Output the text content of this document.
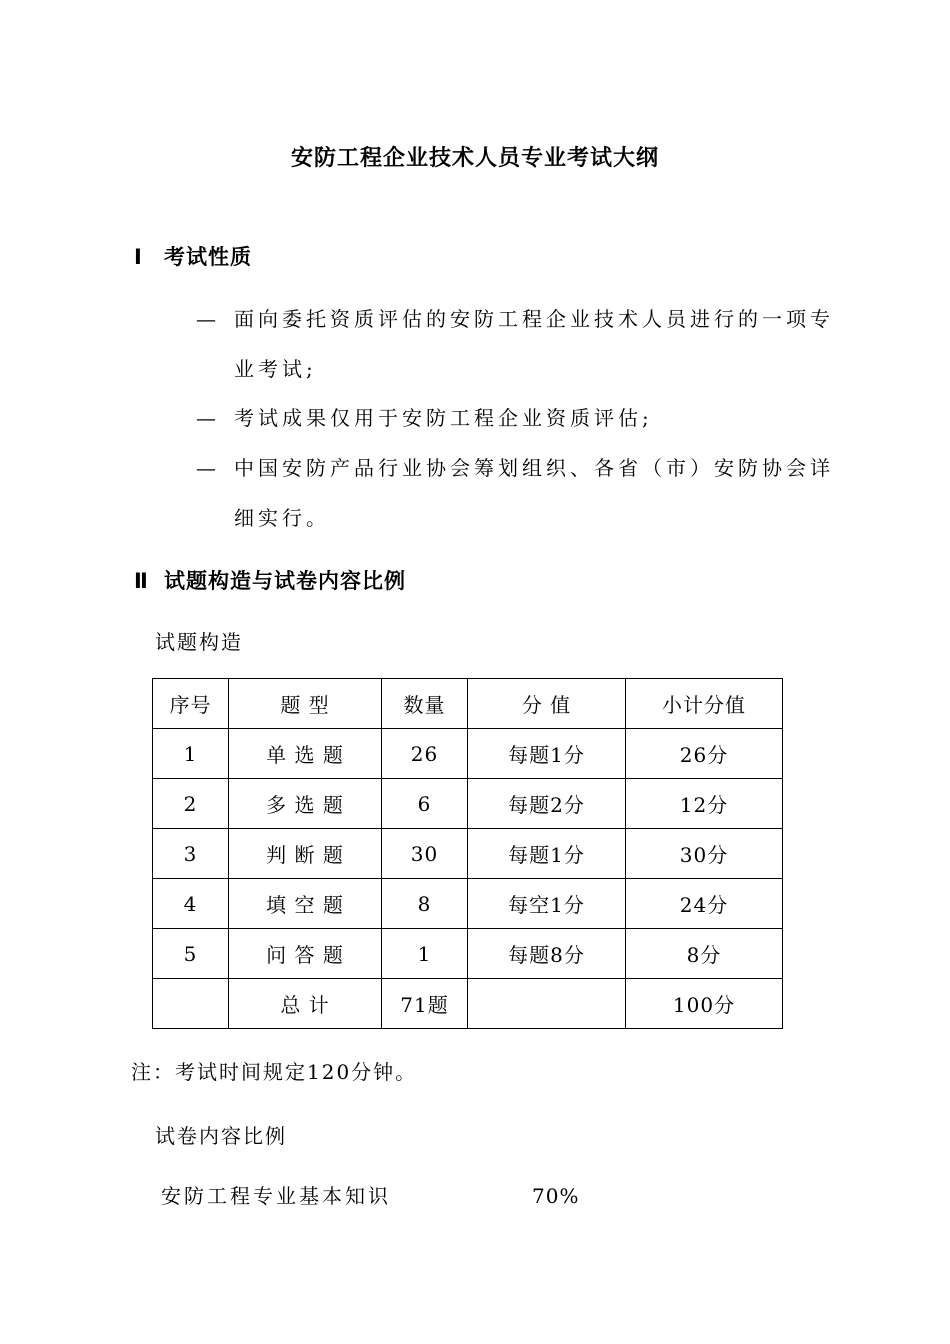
安防工程企业技术人员专业考试大纲
Ⅰ 考试性质
— 面向委托资质评估的安防工程企业技术人员进行的一项专
业考试;
— 考试成果仅用于安防工程企业资质评估;
— 中国安防产品行业协会筹划组织、各省（市）安防协会详
细实行。
Ⅱ 试题构造与试卷内容比例
试题构造
序号	题 型	数量	分 值	小计分值
1	单 选 题	26	每题1分	26分
2	多 选 题	6	每题2分	12分
3	判 断 题	30	每题1分	30分
4	填 空 题	8	每空1分	24分
5	问 答 题	1	每题8分	8分
	总 计	71题		100分
注：考试时间规定120分钟。
试卷内容比例
安防工程专业基本知识	70%
